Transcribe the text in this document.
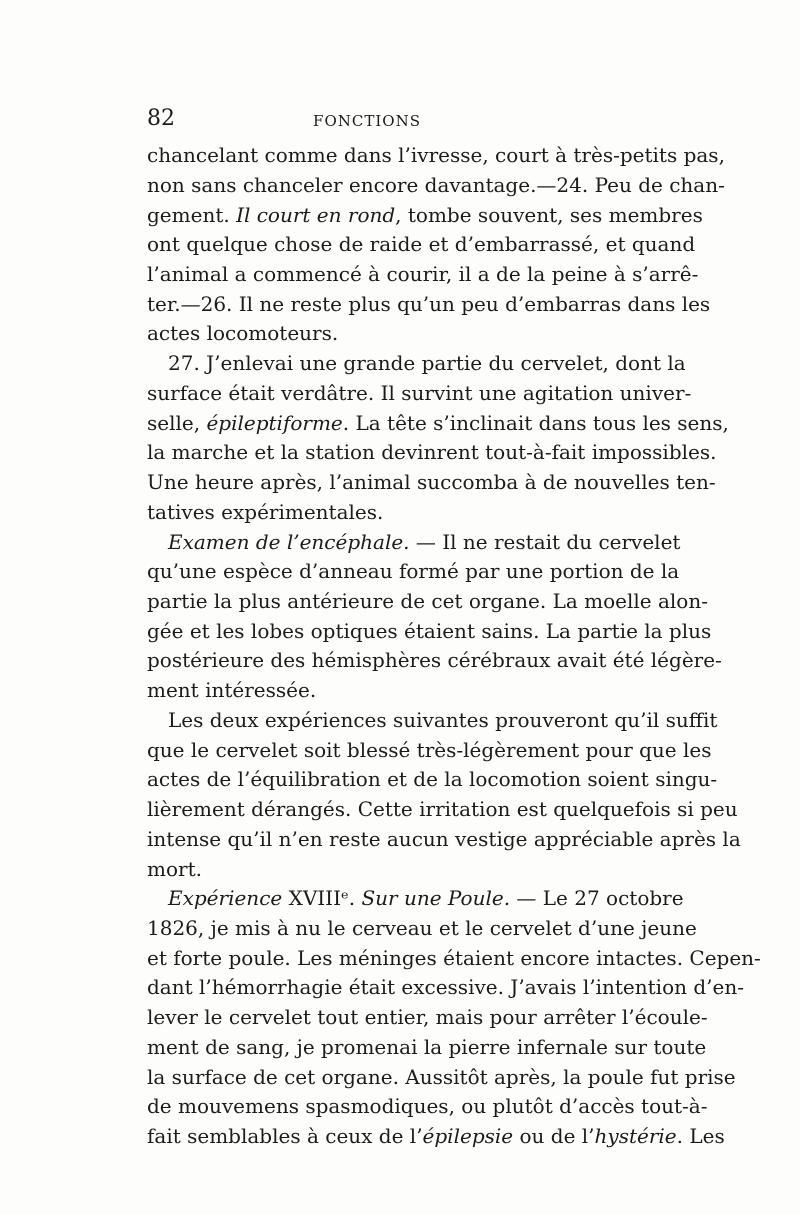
82	FONCTIONS
chancelant comme dans l’ivresse, court à très-petits pas,
non sans chanceler encore davantage.—24. Peu de chan-
gement. Il court en rond, tombe souvent, ses membres
ont quelque chose de raide et d’embarrassé, et quand
l’animal a commencé à courir, il a de la peine à s’arrê-
ter.—26. Il ne reste plus qu’un peu d’embarras dans les
actes locomoteurs.
27. J’enlevai une grande partie du cervelet, dont la
surface était verdâtre. Il survint une agitation univer-
selle, épileptiforme. La tête s’inclinait dans tous les sens,
la marche et la station devinrent tout-à-fait impossibles.
Une heure après, l’animal succomba à de nouvelles ten-
tatives expérimentales.
Examen de l’encéphale. — Il ne restait du cervelet
qu’une espèce d’anneau formé par une portion de la
partie la plus antérieure de cet organe. La moelle alon-
gée et les lobes optiques étaient sains. La partie la plus
postérieure des hémisphères cérébraux avait été légère-
ment intéressée.
Les deux expériences suivantes prouveront qu’il suffit
que le cervelet soit blessé très-légèrement pour que les
actes de l’équilibration et de la locomotion soient singu-
lièrement dérangés. Cette irritation est quelquefois si peu
intense qu’il n’en reste aucun vestige appréciable après la
mort.
Expérience XVIIIᵉ. Sur une Poule. — Le 27 octobre
1826, je mis à nu le cerveau et le cervelet d’une jeune
et forte poule. Les méninges étaient encore intactes. Cepen-
dant l’hémorrhagie était excessive. J’avais l’intention d’en-
lever le cervelet tout entier, mais pour arrêter l’écoule-
ment de sang, je promenai la pierre infernale sur toute
la surface de cet organe. Aussitôt après, la poule fut prise
de mouvemens spasmodiques, ou plutôt d’accès tout-à-
fait semblables à ceux de l’épilepsie ou de l’hystérie. Les
